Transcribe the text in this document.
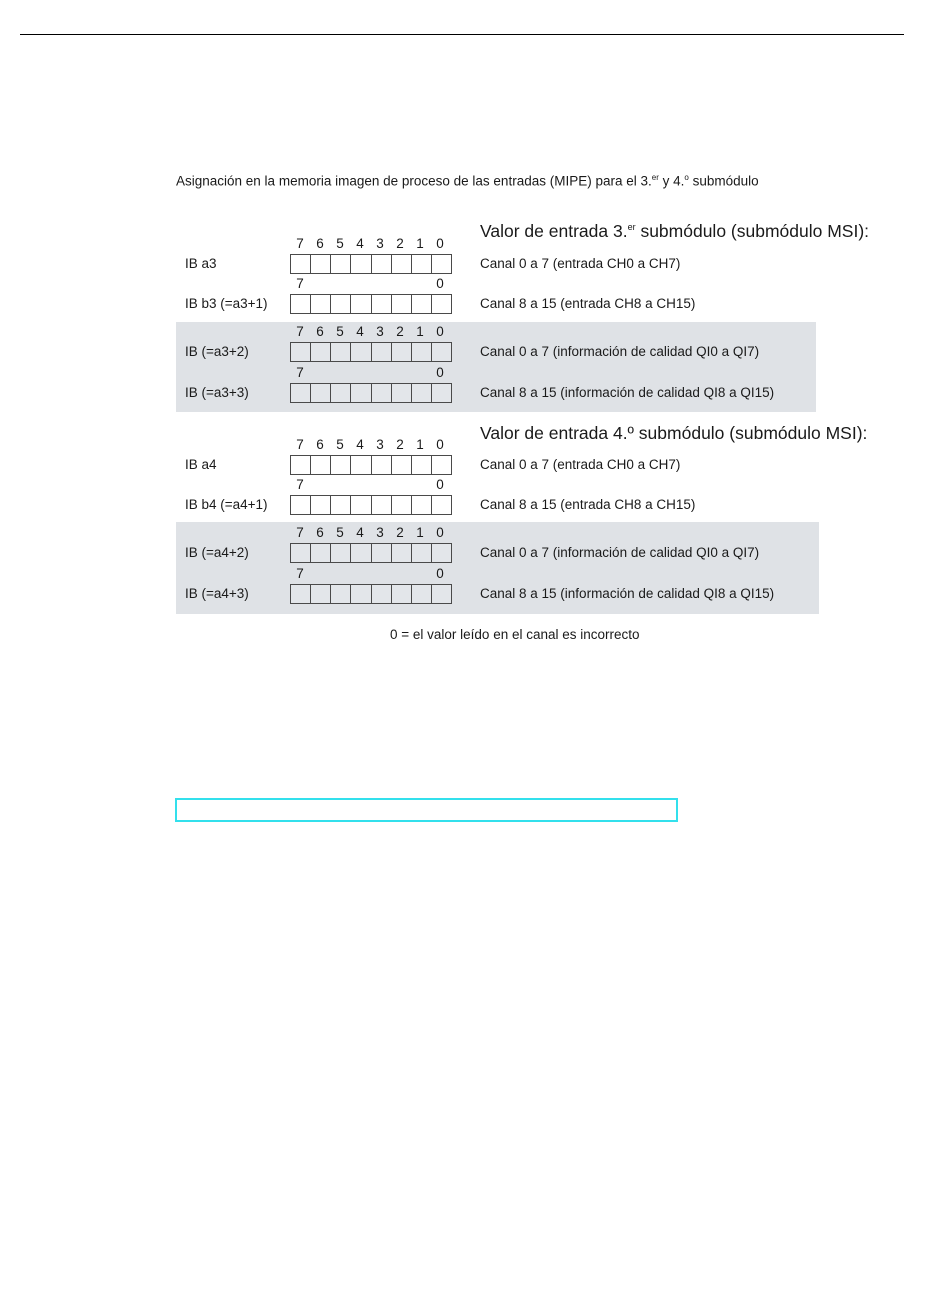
Asignación en la memoria imagen de proceso de las entradas (MIPE) para el 3.$^{er}$ y 4.$^o$ submódulo
Valor de entrada 3.$^{er}$ submódulo (submódulo MSI):
Valor de entrada 4.º submódulo (submódulo MSI):
7 6 5 4 3 2 1 0
IB a3	Canal 0 a 7 (entrada CH0 a CH7)
7	0
IB b3 (=a3+1)	Canal 8 a 15 (entrada CH8 a CH15)
7 6 5 4 3 2 1 0
IB (=a3+2)	Canal 0 a 7 (información de calidad QI0 a QI7)
7	0
IB (=a3+3)	Canal 8 a 15 (información de calidad QI8 a QI15)
7 6 5 4 3 2 1 0
IB a4	Canal 0 a 7 (entrada CH0 a CH7)
7	0
IB b4 (=a4+1)	Canal 8 a 15 (entrada CH8 a CH15)
7 6 5 4 3 2 1 0
IB (=a4+2)	Canal 0 a 7 (información de calidad QI0 a QI7)
7	0
IB (=a4+3)	Canal 8 a 15 (información de calidad QI8 a QI15)
0 = el valor leído en el canal es incorrecto
